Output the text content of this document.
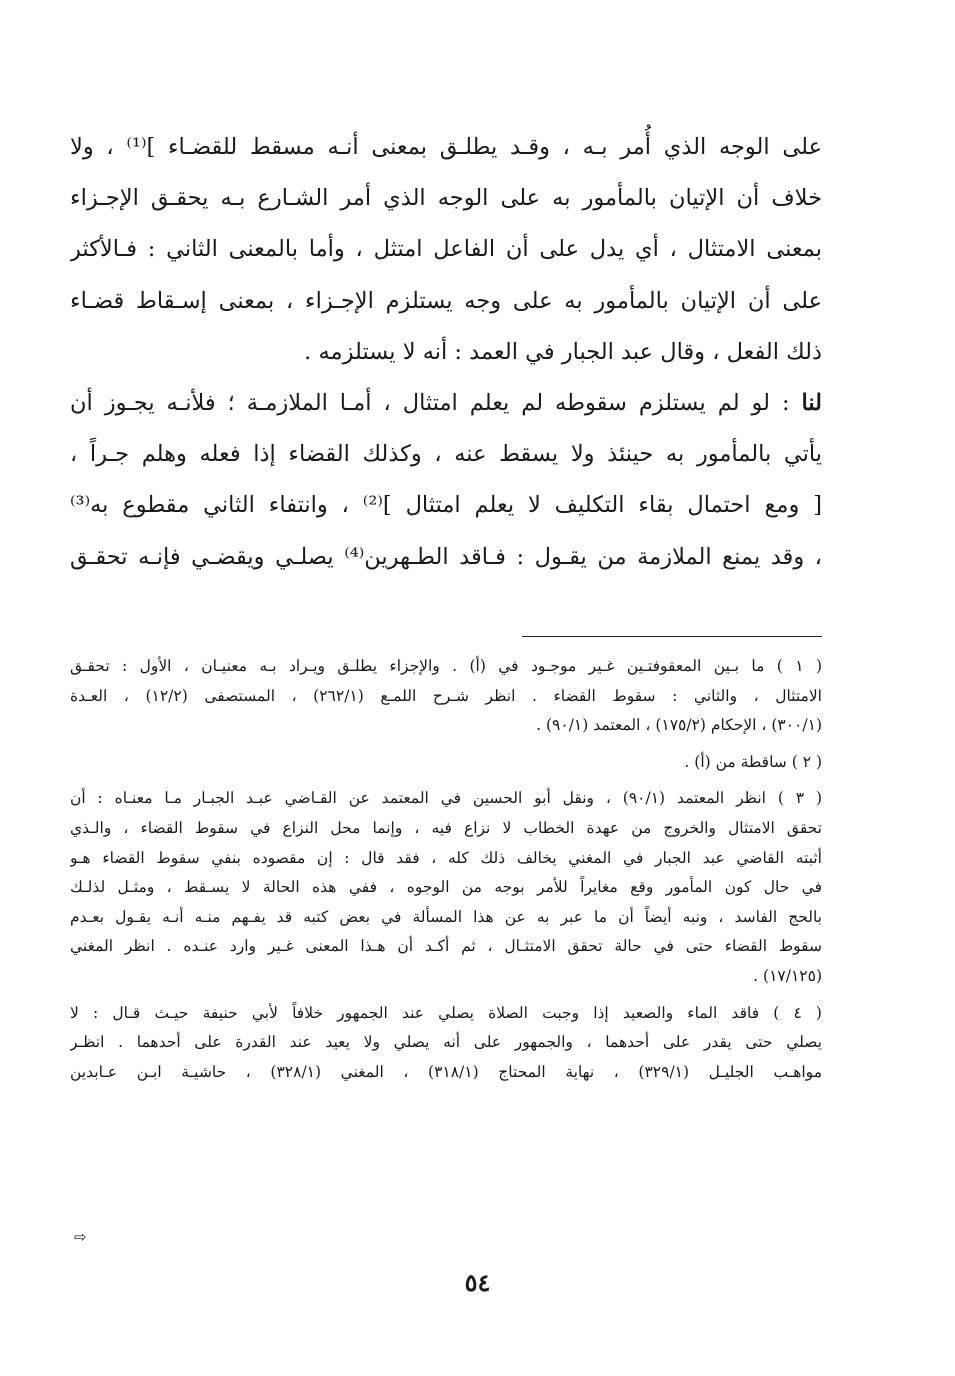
على الوجه الذي أُمر بـه ، وقـد يطلـق بمعنى أنـه مسقط للقضـاء ]⁽¹⁾ ، ولا
خلاف أن الإتيان بالمأمور به على الوجه الذي أمر الشـارع بـه يحقـق الإجـزاء
بمعنى الامتثال ، أي يدل على أن الفاعل امتثل ، وأما بالمعنى الثاني : فـالأكثر
على أن الإتيان بالمأمور به على وجه يستلزم الإجـزاء ، بمعنى إسـقاط قضـاء
ذلك الفعل ، وقال عبد الجبار في العمد : أنه لا يستلزمه .
لنا : لو لم يستلزم سقوطه لم يعلم امتثال ، أمـا الملازمـة ؛ فلأنـه يجـوز أن
يأتي بالمأمور به حينئذ ولا يسقط عنه ، وكذلك القضاء إذا فعله وهلم جـراً ،
[ ومع احتمال بقاء التكليف لا يعلم امتثال ]⁽²⁾ ، وانتفاء الثاني مقطوع به⁽³⁾
، وقد يمنع الملازمة من يقـول : فـاقد الطـهرين⁽⁴⁾ يصلـي ويقضـي فإنـه تحقـق
( ١ ) ما بـين المعقوفتـين غـير موجـود في (أ) . والإجزاء يطلـق ويـراد بـه معنيـان ، الأول : تحقـق
الامتثال ، والثاني : سقوط القضاء . انظر شـرح اللمـع (٢٦٢/١) ، المستصفى (١٢/٢) ، العـدة
(٣٠٠/١) ، الإحكام (١٧٥/٢) ، المعتمد (٩٠/١) .
( ٢ ) ساقطة من (أ) .
( ٣ ) انظر المعتمد (٩٠/١) ، ونقل أبو الحسين في المعتمد عن القـاضي عبـد الجبـار مـا معنـاه : أن
تحقق الامتثال والخروج من عهدة الخطاب لا نزاع فيه ، وإنما محل النزاع في سقوط القضاء ، والـذي
أثبته القاضي عبد الجبار في المغني يخالف ذلك كله ، فقد قال : إن مقصوده بنفي سقوط القضاء هـو
في حال كون المأمور وقع مغايراً للأمر بوجه من الوجوه ، ففي هذه الحالة لا يسـقط ، ومثـل لذلـك
بالحج الفاسد ، ونبه أيضاً أن ما عبر به عن هذا المسألة في بعض كتبه قد يفـهم منـه أنـه يقـول بعـدم
سقوط القضاء حتى في حالة تحقق الامتثـال ، ثم أكـد أن هـذا المعنى غـير وارد عنـده . انظر المغني
(١٧/١٢٥) .
( ٤ ) فاقد الماء والصعيد إذا وجبت الصلاة يصلي عند الجمهور خلافاً لأبي حنيفة حيـث قـال : لا
يصلي حتى يقدر على أحدهما ، والجمهور على أنه يصلي ولا يعيد عند القدرة على أحدهما . انظـر
مواهـب الجليـل (٣٢٩/١) ، نهاية المحتاج (٣١٨/١) ، المغني (٣٢٨/١) ، حاشيـة ابـن عـابدين
⇨
٥٤
